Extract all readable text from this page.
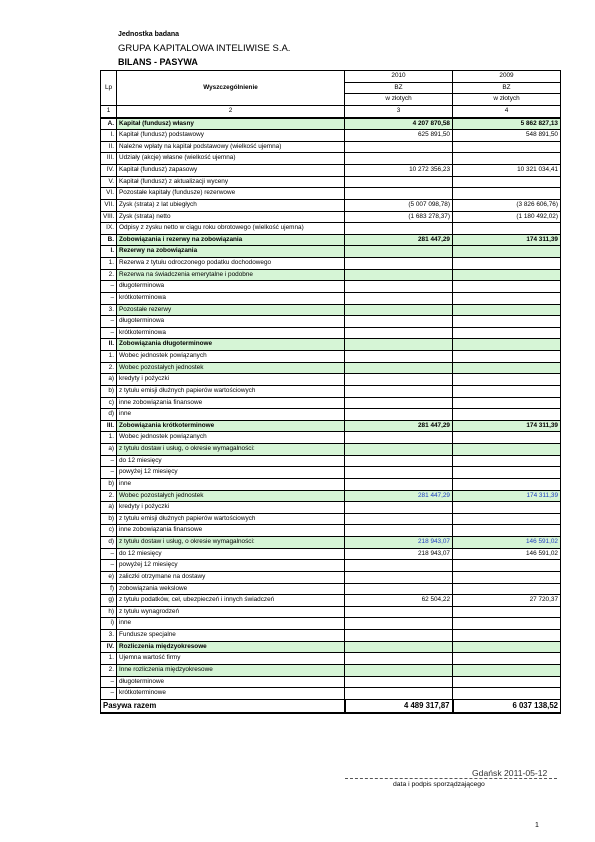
Jednostka badana
GRUPA KAPITALOWA INTELIWISE S.A.
BILANS - PASYWA
Lp	Wyszczególnienie	2010	2009
		BZ	BZ
		w złotych	w złotych
1	2	3	4
A.	Kapitał (fundusz) własny	4 207 870,58	5 862 827,13
I.	Kapitał (fundusz) podstawowy	625 891,50	548 891,50
II.	Należne wpłaty na kapitał podstawowy (wielkość ujemna)		
III.	Udziały (akcje) własne (wielkość ujemna)		
IV.	Kapitał (fundusz) zapasowy	10 272 356,23	10 321 034,41
V.	Kapitał (fundusz) z aktualizacji wyceny		
VI.	Pozostałe kapitały (fundusze) rezerwowe		
VII.	Zysk (strata) z lat ubiegłych	(5 007 098,78)	(3 826 606,76)
VIII.	Zysk (strata) netto	(1 683 278,37)	(1 180 492,02)
IX.	Odpisy z zysku netto w ciągu roku obrotowego (wielkość ujemna)		
B.	Zobowiązania i rezerwy na zobowiązania	281 447,29	174 311,39
I.	Rezerwy na zobowiązania		
1.	Rezerwa z tytułu odroczonego podatku dochodowego		
2.	Rezerwa na świadczenia emerytalne i podobne		
–	długoterminowa		
–	krótkoterminowa		
3.	Pozostałe rezerwy		
–	długoterminowa		
–	krótkoterminowa		
II.	Zobowiązania długoterminowe		
1.	Wobec jednostek powiązanych		
2.	Wobec pozostałych jednostek		
a)	kredyty i pożyczki		
b)	z tytułu emisji dłużnych papierów wartościowych		
c)	inne zobowiązania finansowe		
d)	inne		
III.	Zobowiązania krótkoterminowe	281 447,29	174 311,39
1.	Wobec jednostek powiązanych		
a)	z tytułu dostaw i usług, o okresie wymagalności:		
–	do 12 miesięcy		
–	powyżej 12 miesięcy		
b)	inne		
2.	Wobec pozostałych jednostek	281 447,29	174 311,39
a)	kredyty i pożyczki		
b)	z tytułu emisji dłużnych papierów wartościowych		
c)	inne zobowiązania finansowe		
d)	z tytułu dostaw i usług, o okresie wymagalności:	218 943,07	146 591,02
–	do 12 miesięcy	218 943,07	146 591,02
–	powyżej 12 miesięcy		
e)	zaliczki otrzymane na dostawy		
f)	zobowiązania wekslowe		
g)	z tytułu podatków, ceł, ubezpieczeń i innych świadczeń	62 504,22	27 720,37
h)	z tytułu wynagrodzeń		
i)	inne		
3.	Fundusze specjalne		
IV.	Rozliczenia międzyokresowe		
1.	Ujemna wartość firmy		
2.	Inne rozliczenia międzyokresowe		
–	długoterminowe		
–	krótkoterminowe		
Pasywa razem		4 489 317,87	6 037 138,52
Gdańsk 2011-05-12
data i podpis sporządzającego
1
